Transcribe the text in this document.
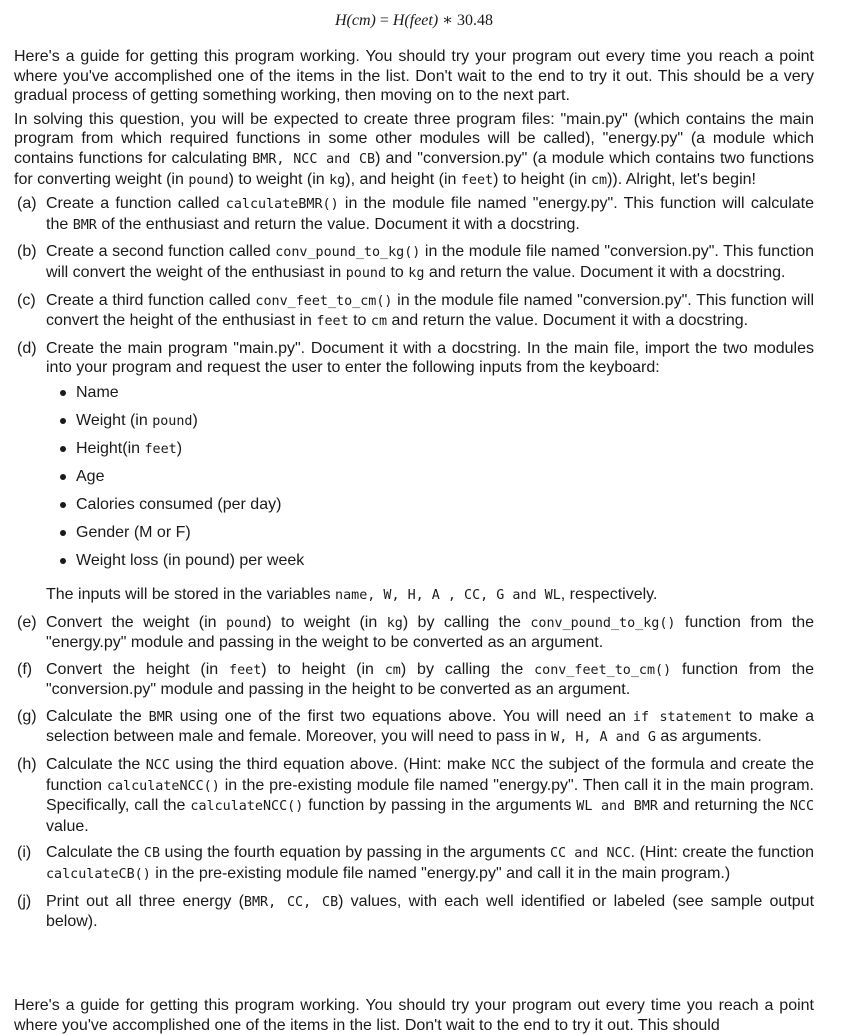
H(cm) = H(feet) ∗ 30.48

Here's a guide for getting this program working. You should try your program out every time you reach a point where you've accomplished one of the items in the list. Don't wait to the end to try it out. This should be a very gradual process of getting something working, then moving on to the next part.

In solving this question, you will be expected to create three program files: "main.py" (which contains the main program from which required functions in some other modules will be called), "energy.py" (a module which contains functions for calculating BMR, NCC and CB) and "conversion.py" (a module which contains two functions for converting weight (in pound) to weight (in kg), and height (in feet) to height (in cm)). Alright, let's begin!

(a) Create a function called calculateBMR() in the module file named "energy.py". This function will calculate the BMR of the enthusiast and return the value. Document it with a docstring.
(b) Create a second function called conv_pound_to_kg() in the module file named "conversion.py". This function will convert the weight of the enthusiast in pound to kg and return the value. Document it with a docstring.
(c) Create a third function called conv_feet_to_cm() in the module file named "conversion.py". This function will convert the height of the enthusiast in feet to cm and return the value. Document it with a docstring.
(d) Create the main program "main.py". Document it with a docstring. In the main file, import the two modules into your program and request the user to enter the following inputs from the keyboard:
Name
Weight (in pound)
Height(in feet)
Age
Calories consumed (per day)
Gender (M or F)
Weight loss (in pound) per week
The inputs will be stored in the variables name, W, H, A , CC, G and WL, respectively.
(e) Convert the weight (in pound) to weight (in kg) by calling the conv_pound_to_kg() function from the "energy.py" module and passing in the weight to be converted as an argument.
(f) Convert the height (in feet) to height (in cm) by calling the conv_feet_to_cm() function from the "conversion.py" module and passing in the height to be converted as an argument.
(g) Calculate the BMR using one of the first two equations above. You will need an if statement to make a selection between male and female. Moreover, you will need to pass in W, H, A and G as arguments.
(h) Calculate the NCC using the third equation above. (Hint: make NCC the subject of the formula and create the function calculateNCC() in the pre-existing module file named "energy.py". Then call it in the main program. Specifically, call the calculateNCC() function by passing in the arguments WL and BMR and returning the NCC value.
(i) Calculate the CB using the fourth equation by passing in the arguments CC and NCC. (Hint: create the function calculateCB() in the pre-existing module file named "energy.py" and call it in the main program.)
(j) Print out all three energy (BMR, CC, CB) values, with each well identified or labeled (see sample output below).

Here's a guide for getting this program working. You should try your program out every time you reach a point where you've accomplished one of the items in the list. Don't wait to the end to try it out. This should
